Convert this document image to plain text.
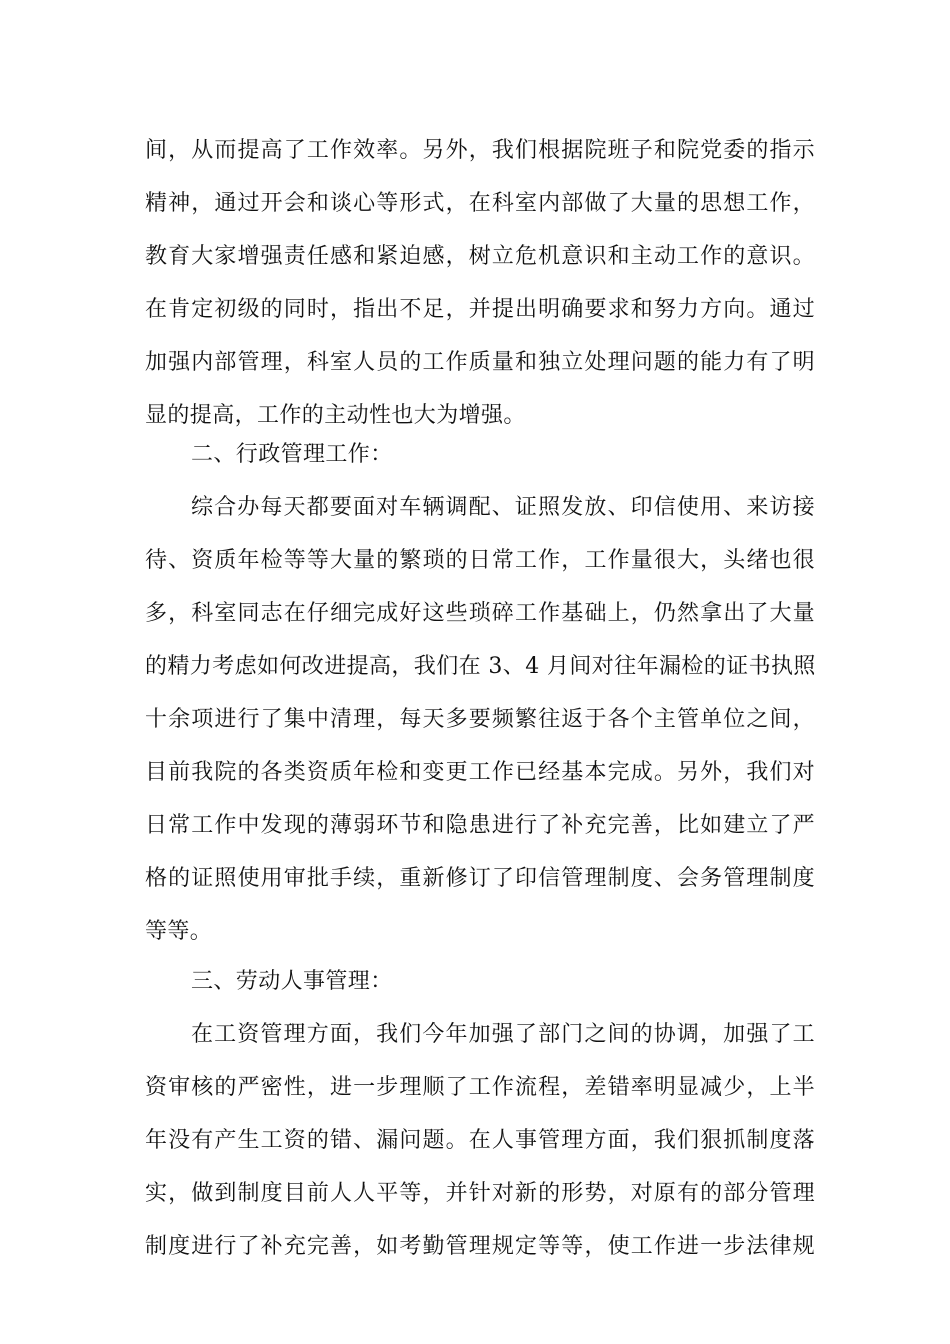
间，从而提高了工作效率。另外，我们根据院班子和院党委的指示
精神，通过开会和谈心等形式，在科室内部做了大量的思想工作，
教育大家增强责任感和紧迫感，树立危机意识和主动工作的意识。
在肯定初级的同时，指出不足，并提出明确要求和努力方向。通过
加强内部管理，科室人员的工作质量和独立处理问题的能力有了明
显的提高，工作的主动性也大为增强。
二、行政管理工作：
综合办每天都要面对车辆调配、证照发放、印信使用、来访接
待、资质年检等等大量的繁琐的日常工作，工作量很大，头绪也很
多，科室同志在仔细完成好这些琐碎工作基础上，仍然拿出了大量
的精力考虑如何改进提高，我们在 3、4 月间对往年漏检的证书执照
十余项进行了集中清理，每天多要频繁往返于各个主管单位之间，
目前我院的各类资质年检和变更工作已经基本完成。另外，我们对
日常工作中发现的薄弱环节和隐患进行了补充完善，比如建立了严
格的证照使用审批手续，重新修订了印信管理制度、会务管理制度
等等。
三、劳动人事管理：
在工资管理方面，我们今年加强了部门之间的协调，加强了工
资审核的严密性，进一步理顺了工作流程，差错率明显减少，上半
年没有产生工资的错、漏问题。在人事管理方面，我们狠抓制度落
实，做到制度目前人人平等，并针对新的形势，对原有的部分管理
制度进行了补充完善，如考勤管理规定等等，使工作进一步法律规
